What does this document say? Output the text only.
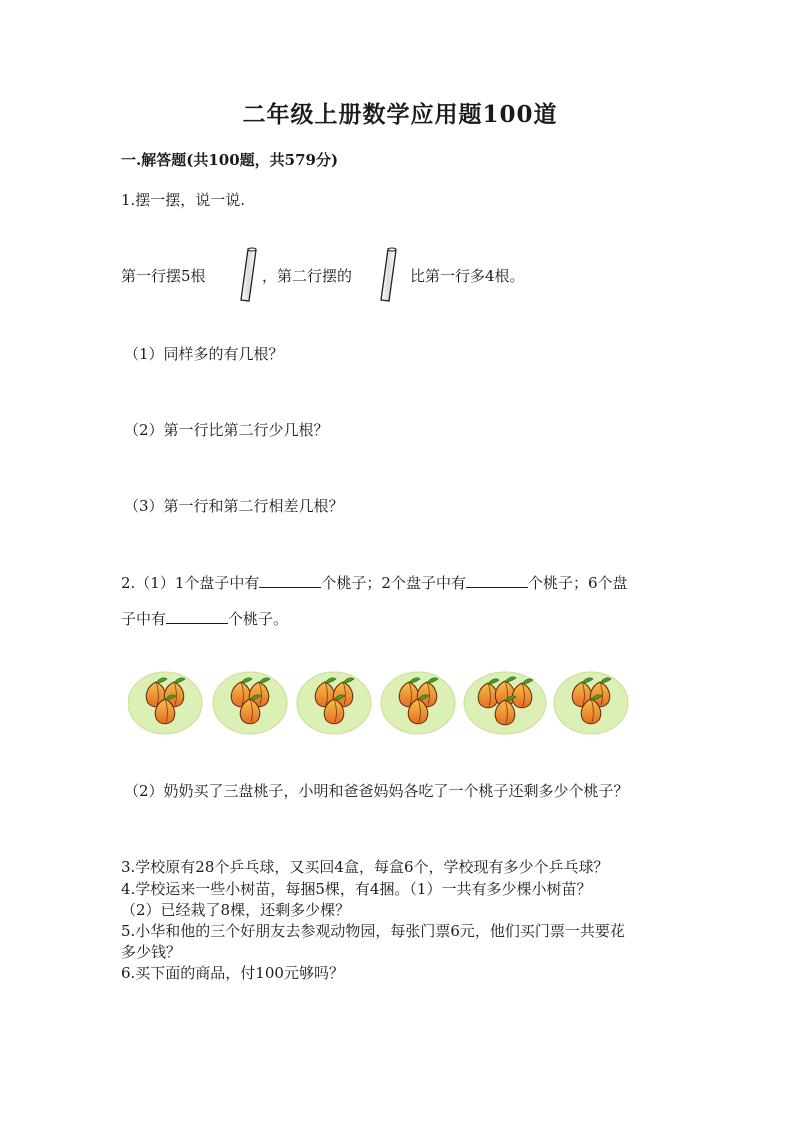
二年级上册数学应用题100道
一.解答题(共100题，共579分)
1.摆一摆，说一说.
第一行摆5根	，第二行摆的	比第一行多4根。
（1）同样多的有几根？
（2）第一行比第二行少几根？
（3）第一行和第二行相差几根？
2.（1）1个盘子中有	个桃子；2个盘子中有	个桃子；6个盘
子中有	个桃子。
（2）奶奶买了三盘桃子，小明和爸爸妈妈各吃了一个桃子还剩多少个桃子？
3.学校原有28个乒乓球，又买回4盒，每盒6个，学校现有多少个乒乓球？
4.学校运来一些小树苗，每捆5棵，有4捆。（1）一共有多少棵小树苗？
（2）已经栽了8棵，还剩多少棵？
5.小华和他的三个好朋友去参观动物园，每张门票6元，他们买门票一共要花
多少钱？
6.买下面的商品，付100元够吗？
